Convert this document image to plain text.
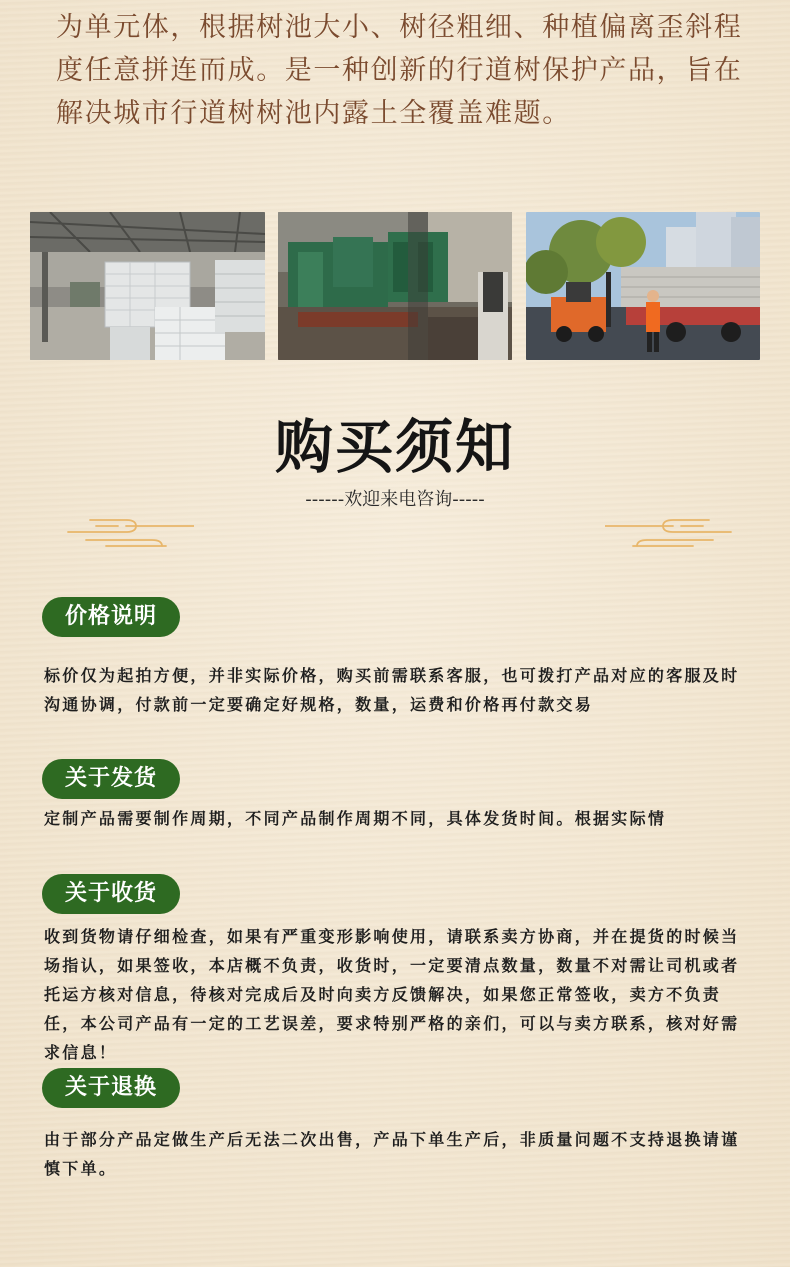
为单元体，根据树池大小、树径粗细、种植偏离歪斜程度任意拼连而成。是一种创新的行道树保护产品，旨在解决城市行道树树池内露土全覆盖难题。
购买须知
------欢迎来电咨询-----
价格说明
标价仅为起拍方便，并非实际价格，购买前需联系客服，也可拨打产品对应的客服及时沟通协调，付款前一定要确定好规格，数量，运费和价格再付款交易
关于发货
定制产品需要制作周期，不同产品制作周期不同，具体发货时间。根据实际情
关于收货
收到货物请仔细检查，如果有严重变形影响使用，请联系卖方协商，并在提货的时候当场指认，如果签收，本店概不负责，收货时，一定要清点数量，数量不对需让司机或者托运方核对信息，待核对完成后及时向卖方反馈解决，如果您正常签收，卖方不负责任，本公司产品有一定的工艺误差，要求特别严格的亲们，可以与卖方联系，核对好需求信息！
关于退换
由于部分产品定做生产后无法二次出售，产品下单生产后，非质量问题不支持退换请谨慎下单。
